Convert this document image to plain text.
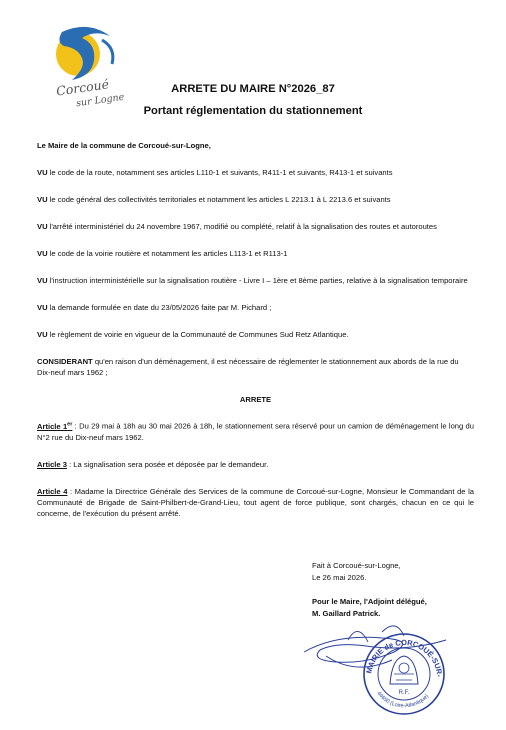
Corcoué
sur Logne
ARRETE DU MAIRE N°2026_87
Portant réglementation du stationnement

Le Maire de la commune de Corcoué-sur-Logne,

VU le code de la route, notamment ses articles L110-1 et suivants, R411-1 et suivants, R413-1 et suivants

VU le code général des collectivités territoriales et notamment les articles L 2213.1 à L 2213.6 et suivants

VU l'arrêté interministériel du 24 novembre 1967, modifié ou complété, relatif à la signalisation des routes et autoroutes

VU le code de la voirie routière et notamment les articles L113-1 et R113-1

VU l'instruction interministérielle sur la signalisation routière - Livre I – 1ère et 8ème parties, relative à la signalisation temporaire

VU la demande formulée en date du 23/05/2026 faite par M. Pichard ;

VU le règlement de voirie en vigueur de la Communauté de Communes Sud Retz Atlantique.

CONSIDERANT qu'en raison d'un déménagement, il est nécessaire de réglementer le stationnement aux abords de la rue du Dix-neuf mars 1962 ;

ARRETE

Article 1er : Du 29 mai à 18h au 30 mai 2026 à 18h, le stationnement sera réservé pour un camion de déménagement le long du N°2 rue du Dix-neuf mars 1962.

Article 3 : La signalisation sera posée et déposée par le demandeur.

Article 4 : Madame la Directrice Générale des Services de la commune de Corcoué-sur-Logne, Monsieur le Commandant de la Communauté de Brigade de Saint-Philbert-de-Grand-Lieu, tout agent de force publique, sont chargés, chacun en ce qui le concerne, de l'exécution du présent arrêté.

Fait à Corcoué-sur-Logne,
Le 26 mai 2026.
Pour le Maire, l'Adjoint délégué,
M. Gaillard Patrick.
MAIRIE de CORCOUÉ-SUR-LOGNE
44650 (Loire-Atlantique)
R.F.
